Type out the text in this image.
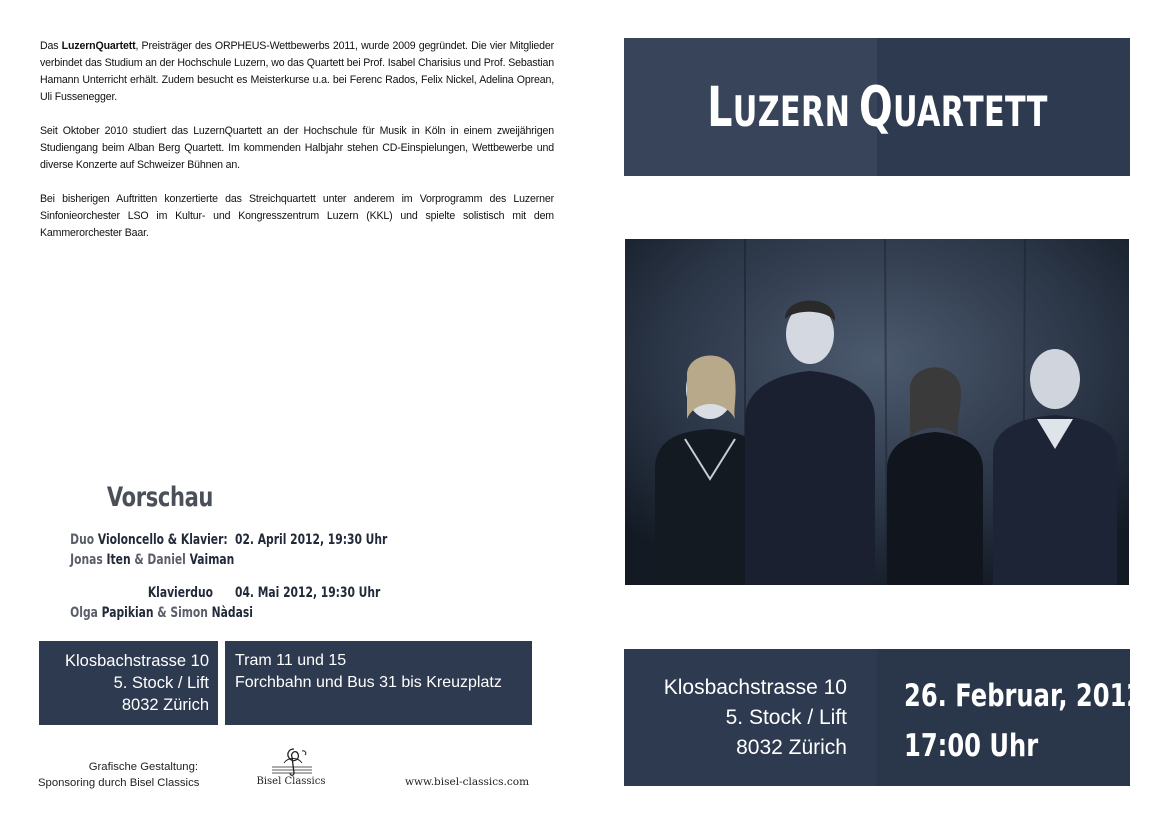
Das LuzernQuartett, Preisträger des ORPHEUS-Wettbewerbs 2011, wurde 2009 gegründet. Die vier Mitglieder verbindet das Studium an der Hochschule Luzern, wo das Quartett bei Prof. Isabel Charisius und Prof. Sebastian Hamann Unterricht erhält. Zudem besucht es Meisterkurse u.a. bei Ferenc Rados, Felix Nickel, Adelina Oprean, Uli Fussenegger.

Seit Oktober 2010 studiert das LuzernQuartett an der Hochschule für Musik in Köln in einem zweijährigen Studiengang beim Alban Berg Quartett. Im kommenden Halbjahr stehen CD-Einspielungen, Wettbewerbe und diverse Konzerte auf Schweizer Bühnen an.

Bei bisherigen Auftritten konzertierte das Streichquartett unter anderem im Vorprogramm des Luzerner Sinfonieorchester LSO im Kultur- und Kongresszentrum Luzern (KKL) und spielte solistisch mit dem Kammerorchester Baar.

Vorschau
Duo Violoncello & Klavier:
Jonas Iten & Daniel Vaiman
02. April 2012, 19:30 Uhr
Klavierduo
Olga Papikian & Simon Nàdasi
04. Mai 2012, 19:30 Uhr
Klosbachstrasse 10
5. Stock / Lift
8032 Zürich
Tram 11 und 15
Forchbahn und Bus 31 bis Kreuzplatz
Grafische Gestaltung:
Sponsoring durch Bisel Classics	Bisel Classics	www.bisel-classics.com
LUZERN QUARTETT
Klosbachstrasse 10
5. Stock / Lift
8032 Zürich
26. Februar, 2012
17:00 Uhr
